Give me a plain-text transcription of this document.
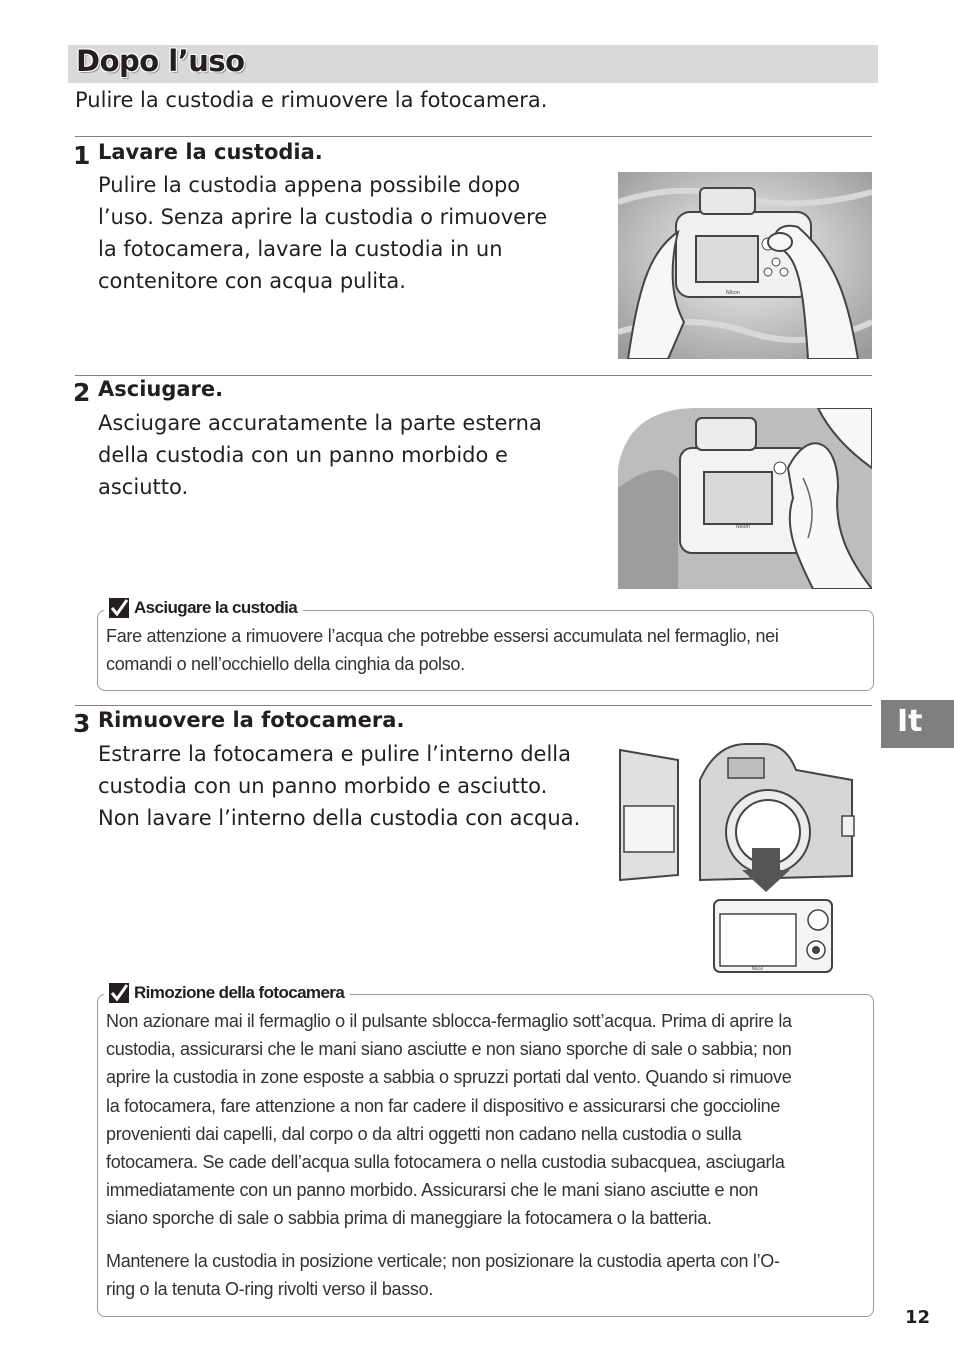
Dopo l’uso
Pulire la custodia e rimuovere la fotocamera.
1 Lavare la custodia.
Pulire la custodia appena possibile dopo
l’uso. Senza aprire la custodia o rimuovere
la fotocamera, lavare la custodia in un
contenitore con acqua pulita.	Nikon
2 Asciugare.
Asciugare accuratamente la parte esterna
della custodia con un panno morbido e
asciutto.
Nikon
Asciugare la custodia
Fare attenzione a rimuovere l’acqua che potrebbe essersi accumulata nel fermaglio, nei
comandi o nell’occhiello della cinghia da polso.
3 Rimuovere la fotocamera.
Estrarre la fotocamera e pulire l’interno della
custodia con un panno morbido e asciutto.
Non lavare l’interno della custodia con acqua.
Nikon
Rimozione della fotocamera
Non azionare mai il fermaglio o il pulsante sblocca-fermaglio sott’acqua. Prima di aprire la
custodia, assicurarsi che le mani siano asciutte e non siano sporche di sale o sabbia; non
aprire la custodia in zone esposte a sabbia o spruzzi portati dal vento. Quando si rimuove
la fotocamera, fare attenzione a non far cadere il dispositivo e assicurarsi che goccioline
provenienti dai capelli, dal corpo o da altri oggetti non cadano nella custodia o sulla
fotocamera. Se cade dell’acqua sulla fotocamera o nella custodia subacquea, asciugarla
immediatamente con un panno morbido. Assicurarsi che le mani siano asciutte e non
siano sporche di sale o sabbia prima di maneggiare la fotocamera o la batteria.
Mantenere la custodia in posizione verticale; non posizionare la custodia aperta con l’O-
ring o la tenuta O-ring rivolti verso il basso.
It
12
